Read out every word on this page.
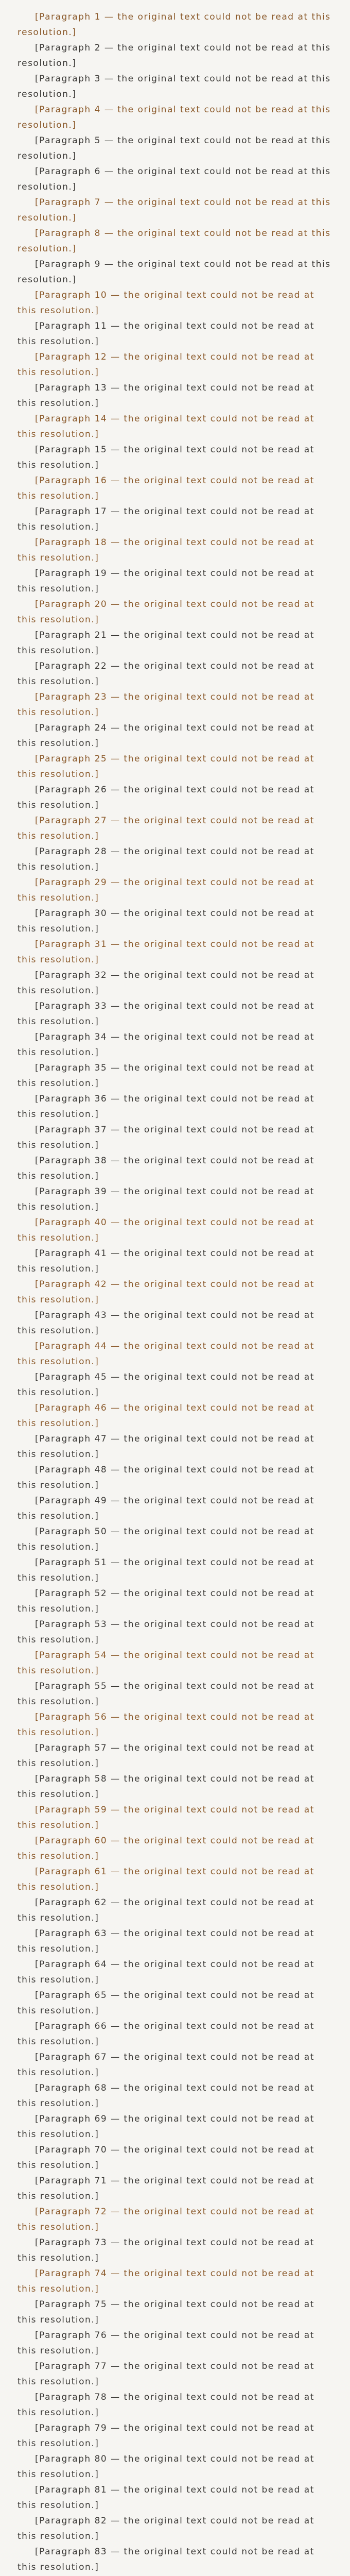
[Paragraph 1 — the original text could not be read at this resolution.]

[Paragraph 2 — the original text could not be read at this resolution.]

[Paragraph 3 — the original text could not be read at this resolution.]

[Paragraph 4 — the original text could not be read at this resolution.]

[Paragraph 5 — the original text could not be read at this resolution.]

[Paragraph 6 — the original text could not be read at this resolution.]

[Paragraph 7 — the original text could not be read at this resolution.]

[Paragraph 8 — the original text could not be read at this resolution.]

[Paragraph 9 — the original text could not be read at this resolution.]

[Paragraph 10 — the original text could not be read at this resolution.]

[Paragraph 11 — the original text could not be read at this resolution.]

[Paragraph 12 — the original text could not be read at this resolution.]

[Paragraph 13 — the original text could not be read at this resolution.]

[Paragraph 14 — the original text could not be read at this resolution.]

[Paragraph 15 — the original text could not be read at this resolution.]

[Paragraph 16 — the original text could not be read at this resolution.]

[Paragraph 17 — the original text could not be read at this resolution.]

[Paragraph 18 — the original text could not be read at this resolution.]

[Paragraph 19 — the original text could not be read at this resolution.]

[Paragraph 20 — the original text could not be read at this resolution.]

[Paragraph 21 — the original text could not be read at this resolution.]

[Paragraph 22 — the original text could not be read at this resolution.]

[Paragraph 23 — the original text could not be read at this resolution.]

[Paragraph 24 — the original text could not be read at this resolution.]

[Paragraph 25 — the original text could not be read at this resolution.]

[Paragraph 26 — the original text could not be read at this resolution.]

[Paragraph 27 — the original text could not be read at this resolution.]

[Paragraph 28 — the original text could not be read at this resolution.]

[Paragraph 29 — the original text could not be read at this resolution.]

[Paragraph 30 — the original text could not be read at this resolution.]

[Paragraph 31 — the original text could not be read at this resolution.]

[Paragraph 32 — the original text could not be read at this resolution.]

[Paragraph 33 — the original text could not be read at this resolution.]

[Paragraph 34 — the original text could not be read at this resolution.]

[Paragraph 35 — the original text could not be read at this resolution.]

[Paragraph 36 — the original text could not be read at this resolution.]

[Paragraph 37 — the original text could not be read at this resolution.]

[Paragraph 38 — the original text could not be read at this resolution.]

[Paragraph 39 — the original text could not be read at this resolution.]

[Paragraph 40 — the original text could not be read at this resolution.]

[Paragraph 41 — the original text could not be read at this resolution.]

[Paragraph 42 — the original text could not be read at this resolution.]

[Paragraph 43 — the original text could not be read at this resolution.]

[Paragraph 44 — the original text could not be read at this resolution.]

[Paragraph 45 — the original text could not be read at this resolution.]

[Paragraph 46 — the original text could not be read at this resolution.]

[Paragraph 47 — the original text could not be read at this resolution.]

[Paragraph 48 — the original text could not be read at this resolution.]

[Paragraph 49 — the original text could not be read at this resolution.]

[Paragraph 50 — the original text could not be read at this resolution.]

[Paragraph 51 — the original text could not be read at this resolution.]

[Paragraph 52 — the original text could not be read at this resolution.]

[Paragraph 53 — the original text could not be read at this resolution.]

[Paragraph 54 — the original text could not be read at this resolution.]

[Paragraph 55 — the original text could not be read at this resolution.]

[Paragraph 56 — the original text could not be read at this resolution.]

[Paragraph 57 — the original text could not be read at this resolution.]

[Paragraph 58 — the original text could not be read at this resolution.]

[Paragraph 59 — the original text could not be read at this resolution.]

[Paragraph 60 — the original text could not be read at this resolution.]

[Paragraph 61 — the original text could not be read at this resolution.]

[Paragraph 62 — the original text could not be read at this resolution.]

[Paragraph 63 — the original text could not be read at this resolution.]

[Paragraph 64 — the original text could not be read at this resolution.]

[Paragraph 65 — the original text could not be read at this resolution.]

[Paragraph 66 — the original text could not be read at this resolution.]

[Paragraph 67 — the original text could not be read at this resolution.]

[Paragraph 68 — the original text could not be read at this resolution.]

[Paragraph 69 — the original text could not be read at this resolution.]

[Paragraph 70 — the original text could not be read at this resolution.]

[Paragraph 71 — the original text could not be read at this resolution.]

[Paragraph 72 — the original text could not be read at this resolution.]

[Paragraph 73 — the original text could not be read at this resolution.]

[Paragraph 74 — the original text could not be read at this resolution.]

[Paragraph 75 — the original text could not be read at this resolution.]

[Paragraph 76 — the original text could not be read at this resolution.]

[Paragraph 77 — the original text could not be read at this resolution.]

[Paragraph 78 — the original text could not be read at this resolution.]

[Paragraph 79 — the original text could not be read at this resolution.]

[Paragraph 80 — the original text could not be read at this resolution.]

[Paragraph 81 — the original text could not be read at this resolution.]

[Paragraph 82 — the original text could not be read at this resolution.]

[Paragraph 83 — the original text could not be read at this resolution.]
